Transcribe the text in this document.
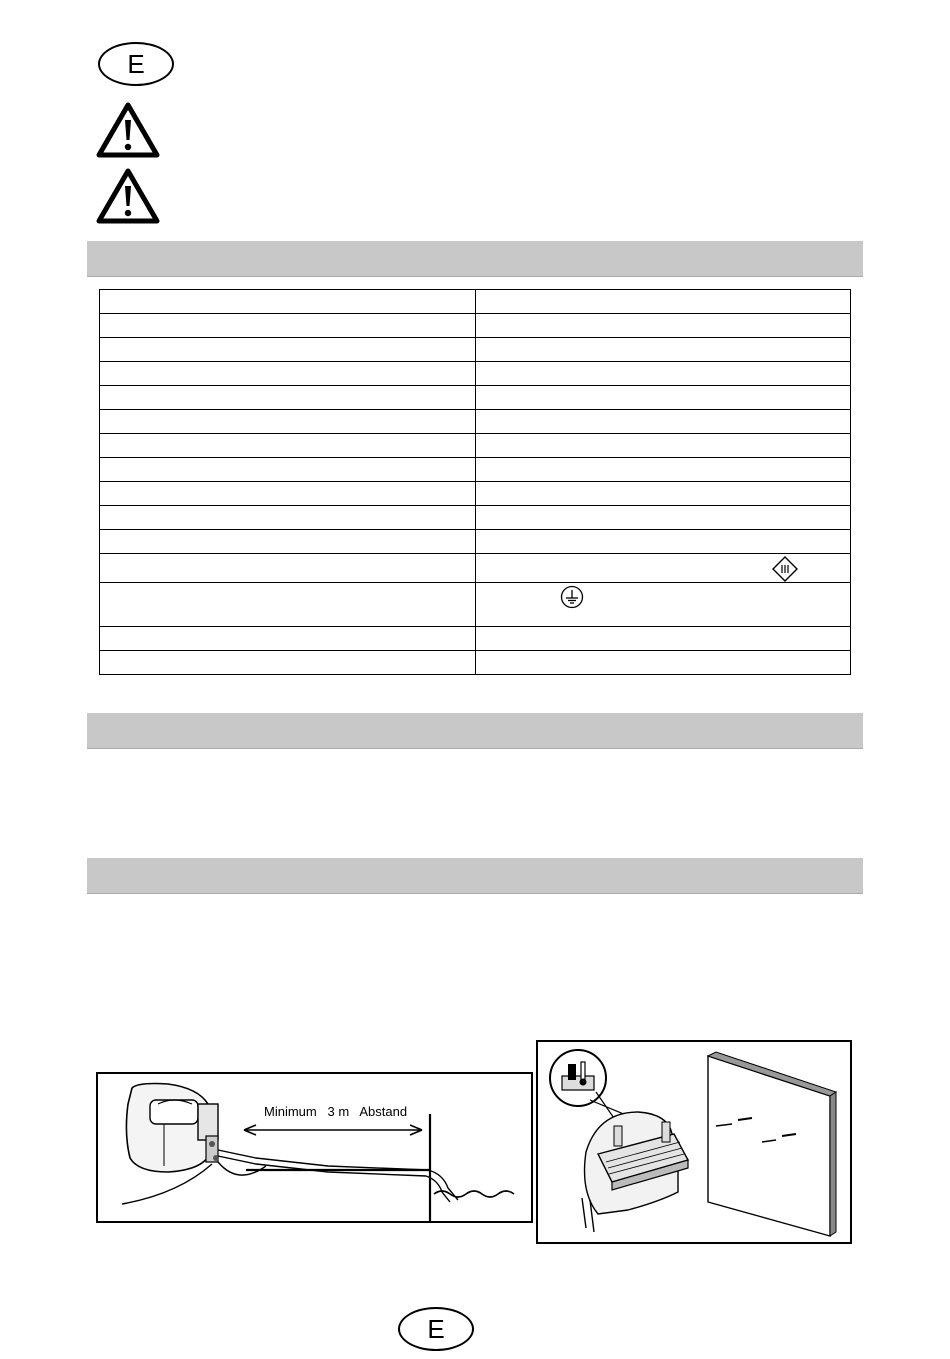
E

Minimum   3 m   Abstand
E
